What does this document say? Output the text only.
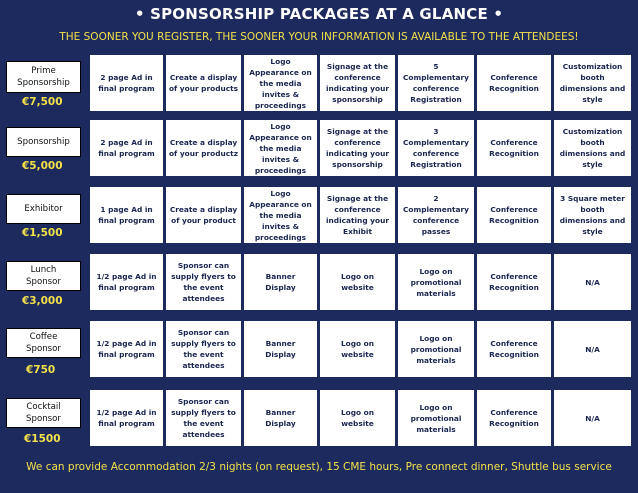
• SPONSORSHIP PACKAGES AT A GLANCE •
THE SOONER YOU REGISTER, THE SOONER YOUR INFORMATION IS AVAILABLE TO THE ATTENDEES!
Prime Sponsorship
€7,500
2 page Ad in final program
Create a display of your products
Logo Appearance on the media invites & proceedings
Signage at the conference indicating your sponsorship
5 Complementary conference Registration
Conference Recognition
Customization booth dimensions and style
Sponsorship
€5,000
2 page Ad in final program
Create a display of your productz
Logo Appearance on the media invites & proceedings
Signage at the conference indicating your sponsorship
3 Complementary conference Registration
Conference Recognition
Customization booth dimensions and style
Exhibitor
€1,500
1 page Ad in final program
Create a display of your product
Logo Appearance on the media invites & proceedings
Signage at the conference indicating your Exhibit
2 Complementary conference passes
Conference Recognition
3 Square meter booth dimensions and style
Lunch Sponsor
€3,000
1/2 page Ad in final program
Sponsor can supply flyers to the event attendees
Banner Display
Logo on website
Logo on promotional materials
Conference Recognition
N/A
Coffee Sponsor
€750
1/2 page Ad in final program
Sponsor can supply flyers to the event attendees
Banner Display
Logo on website
Logo on promotional materials
Conference Recognition
N/A
Cocktail Sponsor
€1500
1/2 page Ad in final program
Sponsor can supply flyers to the event attendees
Banner Display
Logo on website
Logo on promotional materials
Conference Recognition
N/A
We can provide Accommodation 2/3 nights (on request), 15 CME hours, Pre connect dinner, Shuttle bus service
